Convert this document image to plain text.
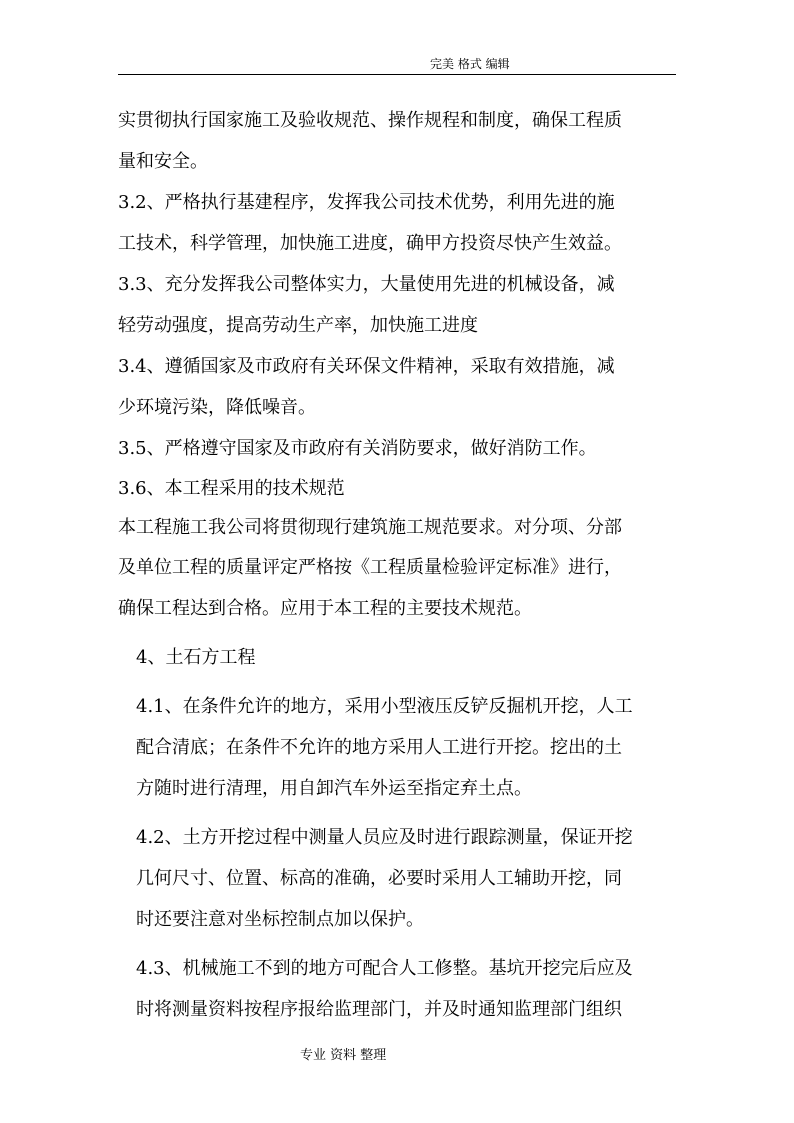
完美 格式 编辑

实贯彻执行国家施工及验收规范、操作规程和制度，确保工程质

量和安全。

3.2、严格执行基建程序，发挥我公司技术优势，利用先进的施

工技术，科学管理，加快施工进度，确甲方投资尽快产生效益。

3.3、充分发挥我公司整体实力，大量使用先进的机械设备，减

轻劳动强度，提高劳动生产率，加快施工进度

3.4、遵循国家及市政府有关环保文件精神，采取有效措施，减

少环境污染，降低噪音。

3.5、严格遵守国家及市政府有关消防要求，做好消防工作。

3.6、本工程采用的技术规范

本工程施工我公司将贯彻现行建筑施工规范要求。对分项、分部

及单位工程的质量评定严格按《工程质量检验评定标准》进行，

确保工程达到合格。应用于本工程的主要技术规范。

4、土石方工程

4.1、在条件允许的地方，采用小型液压反铲反掘机开挖，人工

配合清底；在条件不允许的地方采用人工进行开挖。挖出的土

方随时进行清理，用自卸汽车外运至指定弃土点。

4.2、土方开挖过程中测量人员应及时进行跟踪测量，保证开挖

几何尺寸、位置、标高的准确，必要时采用人工辅助开挖，同

时还要注意对坐标控制点加以保护。

4.3、机械施工不到的地方可配合人工修整。基坑开挖完后应及

时将测量资料按程序报给监理部门，并及时通知监理部门组织

专业 资料 整理
